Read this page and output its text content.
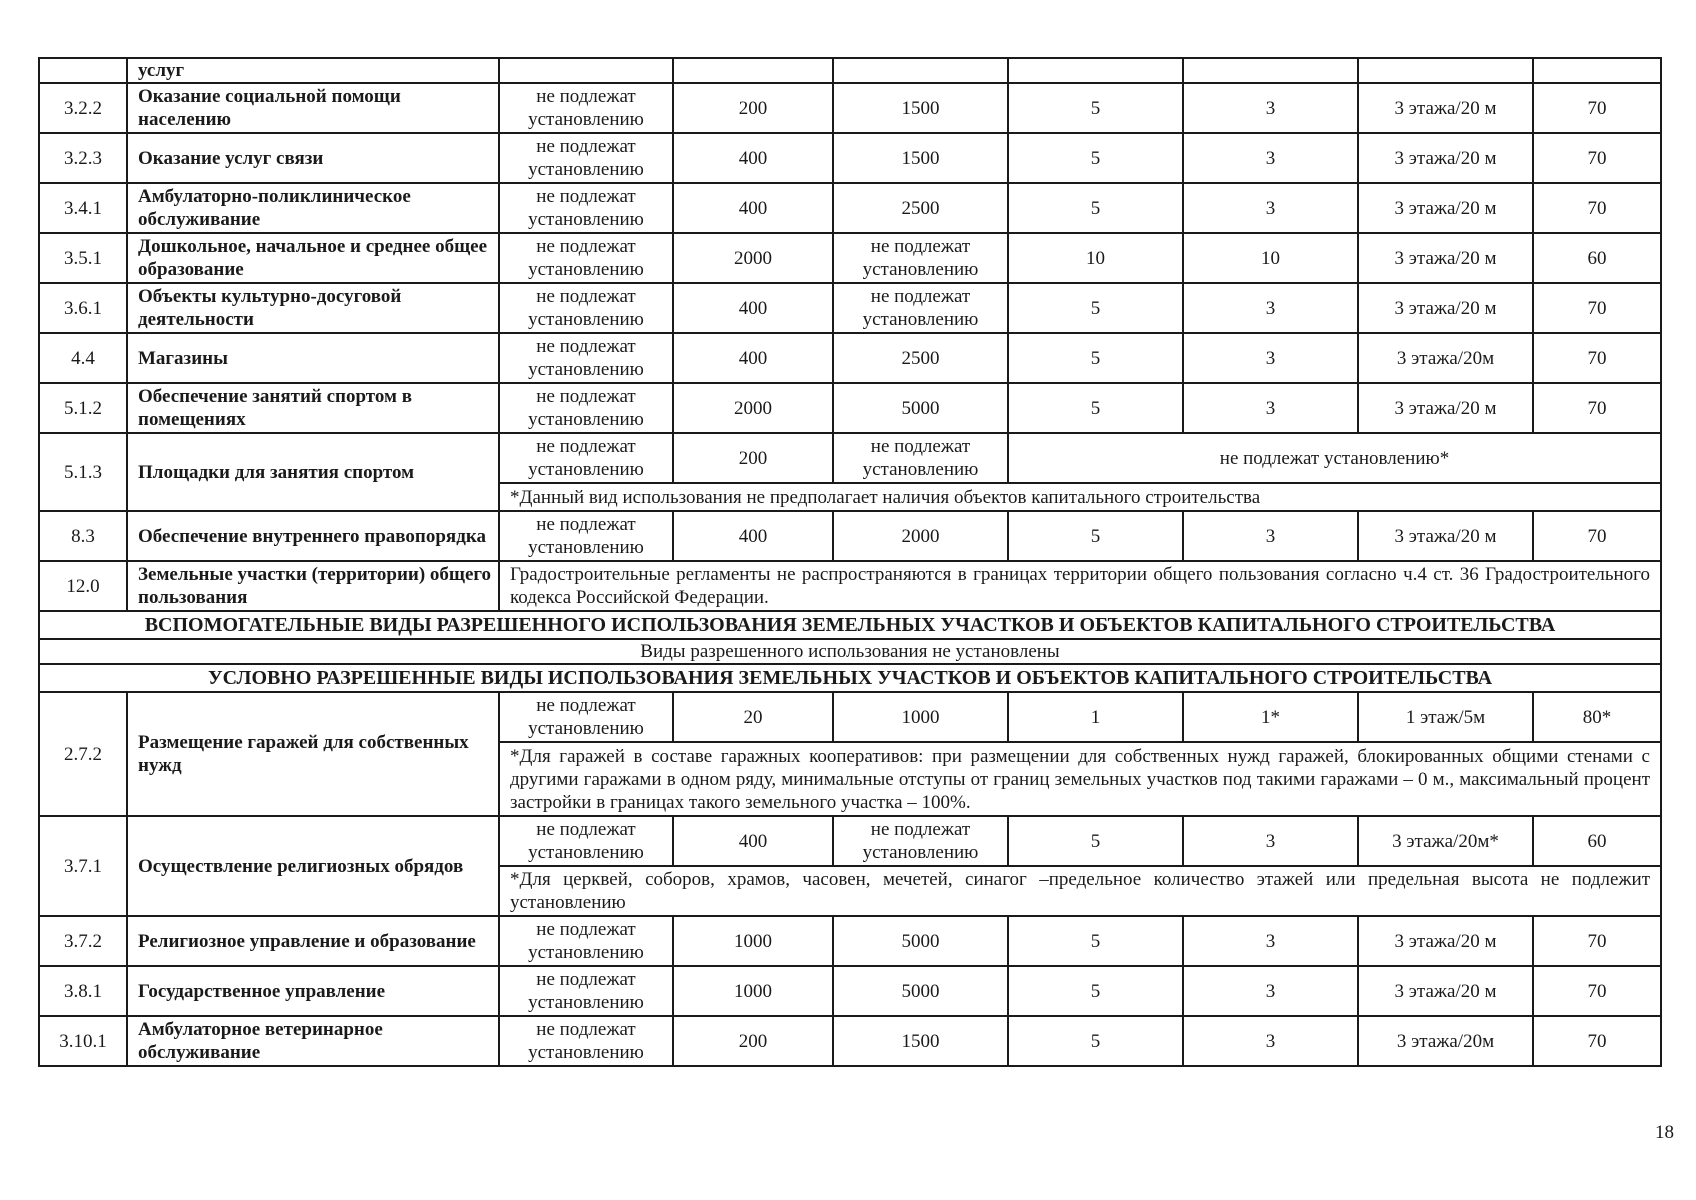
	услуг							
3.2.2	Оказание социальной помощи населению	не подлежат установлению	200	1500	5	3	3 этажа/20 м	70
3.2.3	Оказание услуг связи	не подлежат установлению	400	1500	5	3	3 этажа/20 м	70
3.4.1	Амбулаторно-поликлиническое обслуживание	не подлежат установлению	400	2500	5	3	3 этажа/20 м	70
3.5.1	Дошкольное, начальное и среднее общее образование	не подлежат установлению	2000	не подлежат установлению	10	10	3 этажа/20 м	60
3.6.1	Объекты культурно-досуговой деятельности	не подлежат установлению	400	не подлежат установлению	5	3	3 этажа/20 м	70
4.4	Магазины	не подлежат установлению	400	2500	5	3	3 этажа/20м	70
5.1.2	Обеспечение занятий спортом в помещениях	не подлежат установлению	2000	5000	5	3	3 этажа/20 м	70
5.1.3	Площадки для занятия спортом	не подлежат установлению	200	не подлежат установлению	не подлежат установлению*			
		*Данный вид использования не предполагает наличия объектов капитального строительства						
8.3	Обеспечение внутреннего правопорядка	не подлежат установлению	400	2000	5	3	3 этажа/20 м	70
12.0	Земельные участки (территории) общего пользования	Градостроительные регламенты не распространяются в границах территории общего пользования согласно ч.4 ст. 36 Градостроительного кодекса Российской Федерации.						
ВСПОМОГАТЕЛЬНЫЕ ВИДЫ РАЗРЕШЕННОГО ИСПОЛЬЗОВАНИЯ ЗЕМЕЛЬНЫХ УЧАСТКОВ И ОБЪЕКТОВ КАПИТАЛЬНОГО СТРОИТЕЛЬСТВА								
Виды разрешенного использования не установлены								
УСЛОВНО РАЗРЕШЕННЫЕ ВИДЫ ИСПОЛЬЗОВАНИЯ ЗЕМЕЛЬНЫХ УЧАСТКОВ И ОБЪЕКТОВ КАПИТАЛЬНОГО СТРОИТЕЛЬСТВА								
2.7.2	Размещение гаражей для собственных нужд	не подлежат установлению	20	1000	1	1*	1 этаж/5м	80*
		*Для гаражей в составе гаражных кооперативов: при размещении для собственных нужд гаражей, блокированных общими стенами с другими гаражами в одном ряду, минимальные отступы от границ земельных участков под такими гаражами – 0 м., максимальный процент застройки в границах такого земельного участка – 100%.						
3.7.1	Осуществление религиозных обрядов	не подлежат установлению	400	не подлежат установлению	5	3	3 этажа/20м*	60
		*Для церквей, соборов, храмов, часовен, мечетей, синагог –предельное количество этажей или предельная высота не подлежит установлению						
3.7.2	Религиозное управление и образование	не подлежат установлению	1000	5000	5	3	3 этажа/20 м	70
3.8.1	Государственное управление	не подлежат установлению	1000	5000	5	3	3 этажа/20 м	70
3.10.1	Амбулаторное ветеринарное обслуживание	не подлежат установлению	200	1500	5	3	3 этажа/20м	70
18
